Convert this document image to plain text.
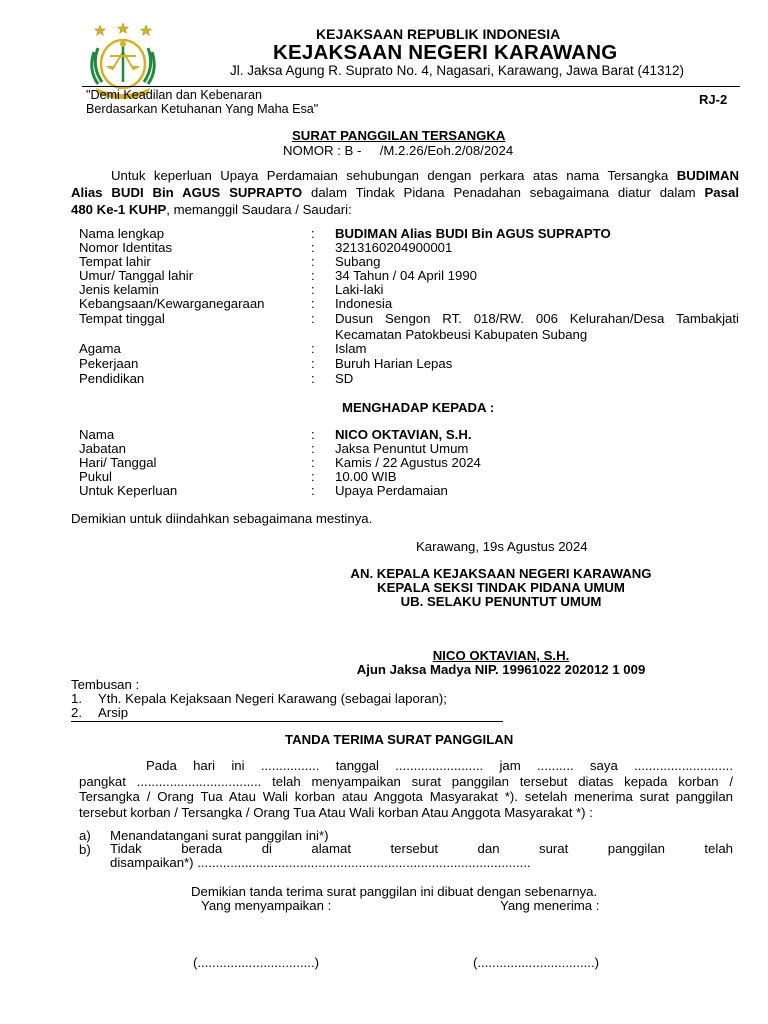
KEJAKSAAN REPUBLIK INDONESIA
KEJAKSAAN NEGERI KARAWANG
Jl. Jaksa Agung R. Suprato No. 4, Nagasari, Karawang, Jawa Barat (41312)
"Demi Keadilan dan Kebenaran
Berdasarkan Ketuhanan Yang Maha Esa"
RJ-2
SURAT PANGGILAN TERSANGKA
NOMOR : B -     /M.2.26/Eoh.2/08/2024
Untuk keperluan Upaya Perdamaian sehubungan dengan perkara atas nama Tersangka BUDIMAN
Alias BUDI Bin AGUS SUPRAPTO dalam Tindak Pidana Penadahan sebagaimana diatur dalam Pasal
480 Ke-1 KUHP, memanggil Saudara / Saudari:
Nama lengkap	: BUDIMAN Alias BUDI Bin AGUS SUPRAPTO
Nomor Identitas	: 3213160204900001
Tempat lahir	: Subang
Umur/ Tanggal lahir	: 34 Tahun / 04 April 1990
Jenis kelamin	: Laki-laki
Kebangsaan/Kewarganegaraan	: Indonesia
Tempat tinggal	: Dusun Sengon RT. 018/RW. 006 Kelurahan/Desa Tambakjati
Kecamatan Patokbeusi Kabupaten Subang
Agama	: Islam
Pekerjaan	: Buruh Harian Lepas
Pendidikan	: SD
MENGHADAP KEPADA :
Nama	: NICO OKTAVIAN, S.H.
Jabatan	: Jaksa Penuntut Umum
Hari/ Tanggal	: Kamis / 22 Agustus 2024
Pukul	: 10.00 WIB
Untuk Keperluan	: Upaya Perdamaian
Demikian untuk diindahkan sebagaimana mestinya.
Karawang, 19s Agustus 2024
AN. KEPALA KEJAKSAAN NEGERI KARAWANG
KEPALA SEKSI TINDAK PIDANA UMUM
UB. SELAKU PENUNTUT UMUM
NICO OKTAVIAN, S.H.
Ajun Jaksa Madya NIP. 19961022 202012 1 009
Tembusan :
1. Yth. Kepala Kejaksaan Negeri Karawang (sebagai laporan);
2. Arsip
TANDA TERIMA SURAT PANGGILAN
Pada hari ini ................ tanggal ........................ jam .......... saya ...........................
pangkat .................................. telah menyampaikan surat panggilan tersebut diatas kepada korban /
Tersangka / Orang Tua Atau Wali korban atau Anggota Masyarakat *). setelah menerima surat panggilan
tersebut korban / Tersangka / Orang Tua Atau Wali korban Atau Anggota Masyarakat *) :
a) Menandatangani surat panggilan ini*)
b) Tidak berada di alamat tersebut dan surat panggilan telah
disampaikan*) ...........................................................................................
Demikian tanda terima surat panggilan ini dibuat dengan sebenarnya.
Yang menyampaikan :	Yang menerima :
(................................)	(................................)
